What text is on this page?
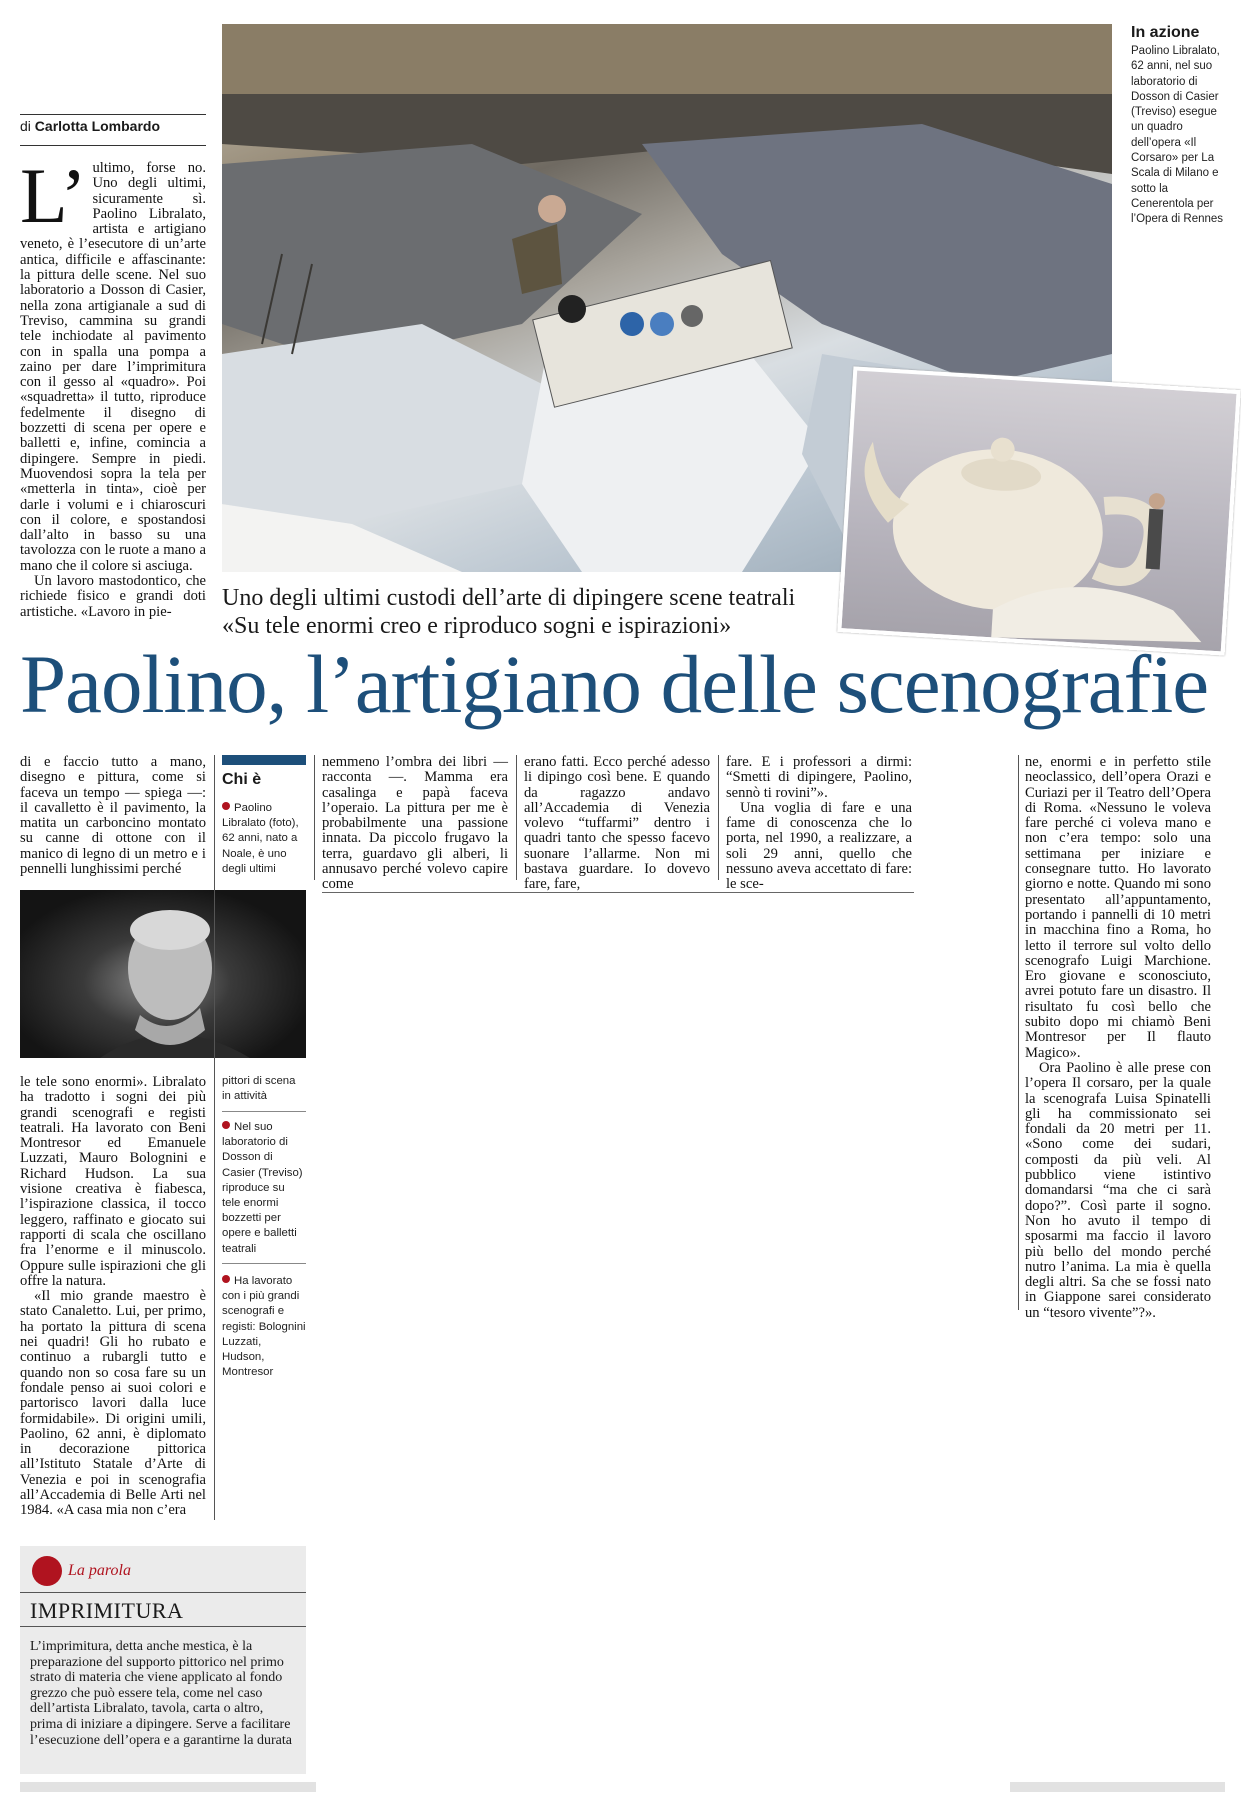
di Carlotta Lombardo
L’ ultimo, forse no. Uno degli ultimi, sicuramente sì. Paolino Libralato, artista e artigiano veneto, è l’esecutore di un’arte antica, difficile e affascinante: la pittura delle scene. Nel suo laboratorio a Dosson di Casier, nella zona artigianale a sud di Treviso, cammina su grandi tele inchiodate al pavimento con in spalla una pompa a zaino per dare l’imprimitura con il gesso al «quadro». Poi «squadretta» il tutto, riproduce fedelmente il disegno di bozzetti di scena per opere e balletti e, infine, comincia a dipingere. Sempre in piedi. Muovendosi sopra la tela per «metterla in tinta», cioè per darle i volumi e i chiaroscuri con il colore, e spostandosi dall’alto in basso su una tavolozza con le ruote a mano a mano che il colore si asciuga.

Un lavoro mastodontico, che richiede fisico e grandi doti artistiche. «Lavoro in pie-

In azione
Paolino Libralato, 62 anni, nel suo laboratorio di Dosson di Casier (Treviso) esegue un quadro dell’opera «Il Corsaro» per La Scala di Milano e sotto la Cenerentola per l’Opera di Rennes
Uno degli ultimi custodi dell’arte di dipingere scene teatrali
«Su tele enormi creo e riproduco sogni e ispirazioni»
Paolino, l’artigiano delle scenografie

di e faccio tutto a mano, disegno e pittura, come si faceva un tempo — spiega —: il cavalletto è il pavimento, la matita un carboncino montato su canne di ottone con il manico di legno di un metro e i pennelli lunghissimi perché

le tele sono enormi». Libralato ha tradotto i sogni dei più grandi scenografi e registi teatrali. Ha lavorato con Beni Montresor ed Emanuele Luzzati, Mauro Bolognini e Richard Hudson. La sua visione creativa è fiabesca, l’ispirazione classica, il tocco leggero, raffinato e giocato sui rapporti di scala che oscillano fra l’enorme e il minuscolo. Oppure sulle ispirazioni che gli offre la natura.

«Il mio grande maestro è stato Canaletto. Lui, per primo, ha portato la pittura di scena nei quadri! Gli ho rubato e continuo a rubargli tutto e quando non so cosa fare su un fondale penso ai suoi colori e partorisco lavori dalla luce formidabile». Di origini umili, Paolino, 62 anni, è diplomato in decorazione pittorica all’Istituto Statale d’Arte di Venezia e poi in scenografia all’Accademia di Belle Arti nel 1984. «A casa mia non c’era

Chi è
Paolino Libralato (foto), 62 anni, nato a Noale, è uno degli ultimi
pittori di scena in attività
Nel suo laboratorio di Dosson di Casier (Treviso) riproduce su tele enormi bozzetti per opere e balletti teatrali
Ha lavorato con i più grandi scenografi e registi: Bolognini Luzzati, Hudson, Montresor

nemmeno l’ombra dei libri — racconta —. Mamma era casalinga e papà faceva l’operaio. La pittura per me è probabilmente una passione innata. Da piccolo frugavo la terra, guardavo gli alberi, li annusavo perché volevo capire come

erano fatti. Ecco perché adesso li dipingo così bene. E quando da ragazzo andavo all’Accademia di Venezia volevo “tuffarmi” dentro i quadri tanto che spesso facevo suonare l’allarme. Non mi bastava guardare. Io dovevo fare, fare,

fare. E i professori a dirmi: “Smetti di dipingere, Paolino, sennò ti rovini”».

Una voglia di fare e una fame di conoscenza che lo porta, nel 1990, a realizzare, a soli 29 anni, quello che nessuno aveva accettato di fare: le sce-

ne, enormi e in perfetto stile neoclassico, dell’opera Orazi e Curiazi per il Teatro dell’Opera di Roma. «Nessuno le voleva fare perché ci voleva mano e non c’era tempo: solo una settimana per iniziare e consegnare tutto. Ho lavorato giorno e notte. Quando mi sono presentato all’appuntamento, portando i pannelli di 10 metri in macchina fino a Roma, ho letto il terrore sul volto dello scenografo Luigi Marchione. Ero giovane e sconosciuto, avrei potuto fare un disastro. Il risultato fu così bello che subito dopo mi chiamò Beni Montresor per Il flauto Magico».

Ora Paolino è alle prese con l’opera Il corsaro, per la quale la scenografa Luisa Spinatelli gli ha commissionato sei fondali da 20 metri per 11. «Sono come dei sudari, composti da più veli. Al pubblico viene istintivo domandarsi “ma che ci sarà dopo?”. Così parte il sogno. Non ho avuto il tempo di sposarmi ma faccio il lavoro più bello del mondo perché nutro l’anima. La mia è quella degli altri. Sa che se fossi nato in Giappone sarei considerato un “tesoro vivente”?».

La parola
IMPRIMITURA
L’imprimitura, detta anche mestica, è la preparazione del supporto pittorico nel primo strato di materia che viene applicato al fondo grezzo che può essere tela, come nel caso dell’artista Libralato, tavola, carta o altro, prima di iniziare a dipingere. Serve a facilitare l’esecuzione dell’opera e a garantirne la durata
